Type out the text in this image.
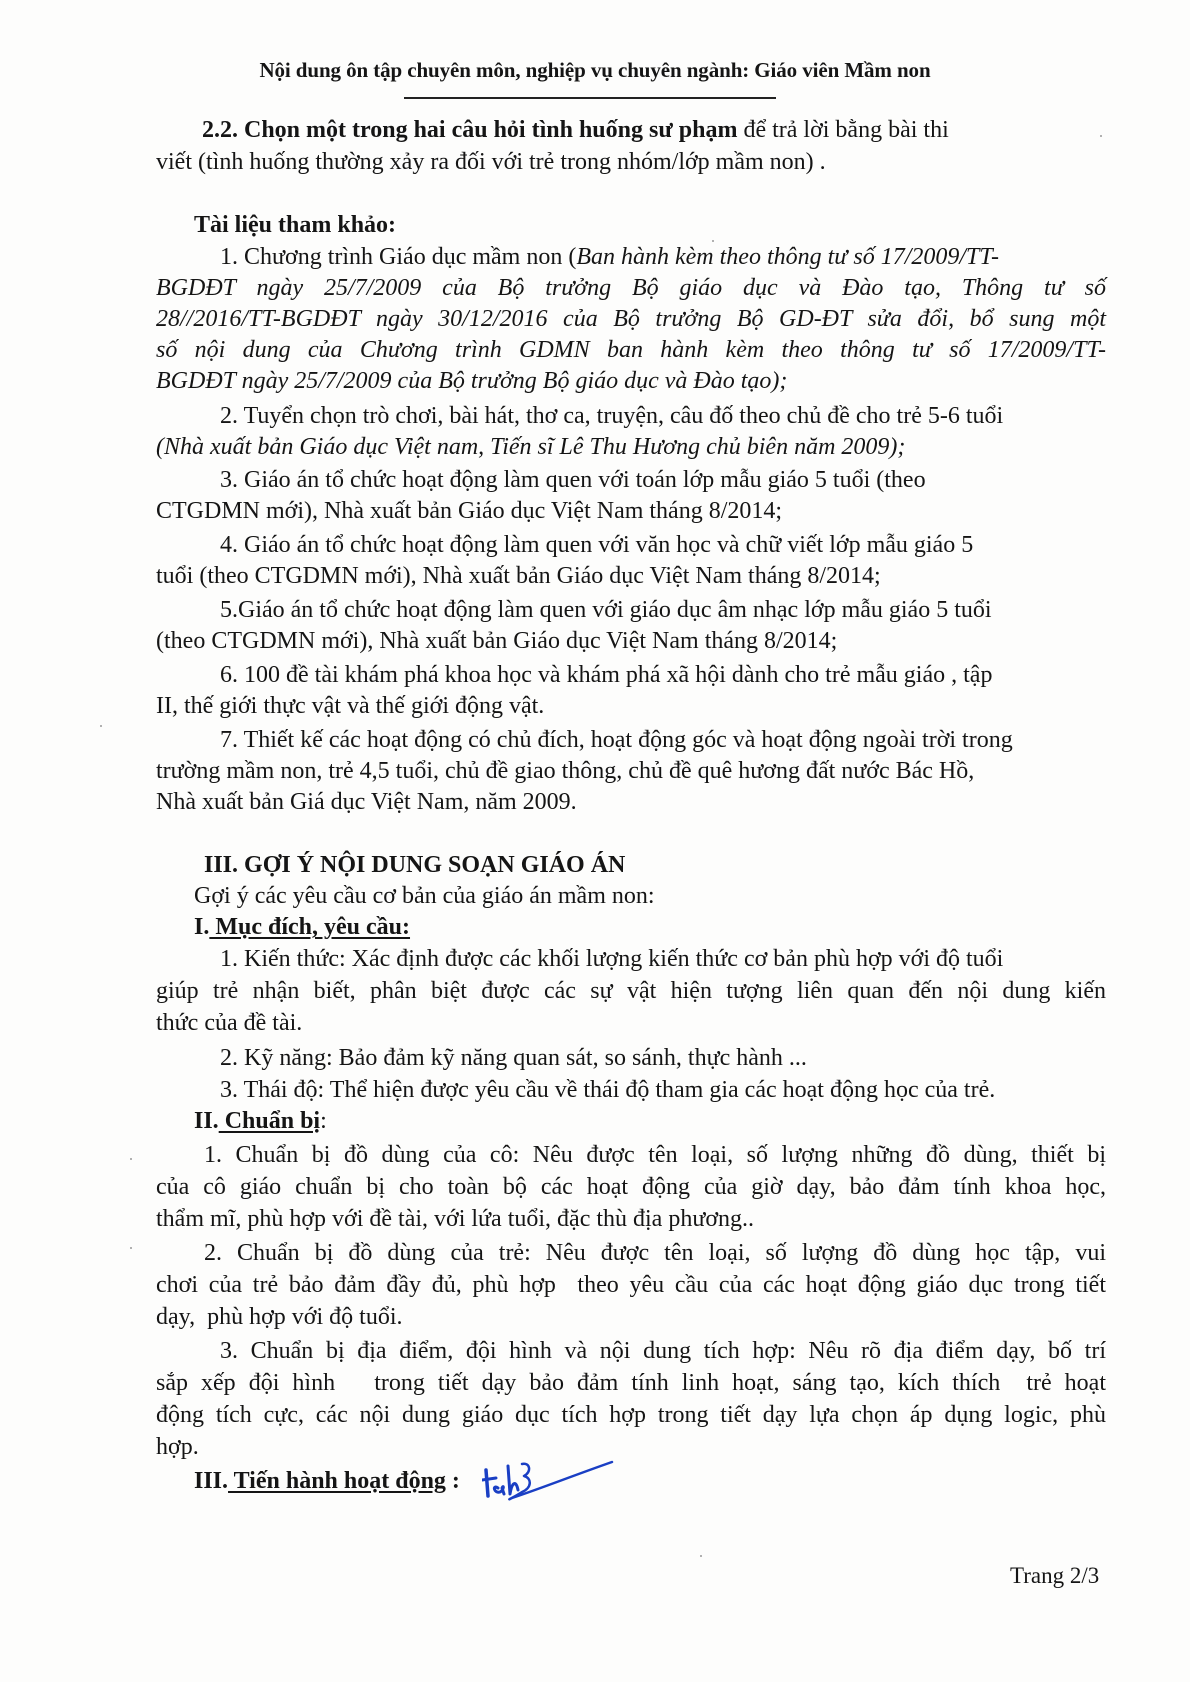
Nội dung ôn tập chuyên môn, nghiệp vụ chuyên ngành: Giáo viên Mầm non
2.2. Chọn một trong hai câu hỏi tình huống sư phạm để trả lời bằng bài thi
viết (tình huống thường xảy ra đối với trẻ trong nhóm/lớp mầm non) .
Tài liệu tham khảo:
1. Chương trình Giáo dục mầm non (Ban hành kèm theo thông tư số 17/2009/TT-
BGDĐT ngày 25/7/2009 của Bộ trưởng Bộ giáo dục và Đào tạo, Thông tư số
28//2016/TT-BGDĐT ngày 30/12/2016 của Bộ trưởng Bộ GD-ĐT sửa đổi, bổ sung một
số nội dung của Chương trình GDMN ban hành kèm theo thông tư số 17/2009/TT-
BGDĐT ngày 25/7/2009 của Bộ trưởng Bộ giáo dục và Đào tạo);
2. Tuyển chọn trò chơi, bài hát, thơ ca, truyện, câu đố theo chủ đề cho trẻ 5-6 tuổi
(Nhà xuất bản Giáo dục Việt nam, Tiến sĩ Lê Thu Hương chủ biên năm 2009);
3. Giáo án tổ chức hoạt động làm quen với toán lớp mẫu giáo 5 tuổi (theo
CTGDMN mới), Nhà xuất bản Giáo dục Việt Nam tháng 8/2014;
4. Giáo án tổ chức hoạt động làm quen với văn học và chữ viết lớp mẫu giáo 5
tuổi (theo CTGDMN mới), Nhà xuất bản Giáo dục Việt Nam tháng 8/2014;
5.Giáo án tổ chức hoạt động làm quen với giáo dục âm nhạc lớp mẫu giáo 5 tuổi
(theo CTGDMN mới), Nhà xuất bản Giáo dục Việt Nam tháng 8/2014;
6. 100 đề tài khám phá khoa học và khám phá xã hội dành cho trẻ mẫu giáo , tập
II, thế giới thực vật và thế giới động vật.
7. Thiết kế các hoạt động có chủ đích, hoạt động góc và hoạt động ngoài trời trong
trường mầm non, trẻ 4,5 tuổi, chủ đề giao thông, chủ đề quê hương đất nước Bác Hồ,
Nhà xuất bản Giá dục Việt Nam, năm 2009.
III. GỢI Ý NỘI DUNG SOẠN GIÁO ÁN
Gợi ý các yêu cầu cơ bản của giáo án mầm non:
I. Mục đích, yêu cầu:
1. Kiến thức: Xác định được các khối lượng kiến thức cơ bản phù hợp với độ tuổi
giúp trẻ nhận biết, phân biệt được các sự vật hiện tượng liên quan đến nội dung kiến
thức của đề tài.
2. Kỹ năng: Bảo đảm kỹ năng quan sát, so sánh, thực hành ...
3. Thái độ: Thể hiện được yêu cầu về thái độ tham gia các hoạt động học của trẻ.
II. Chuẩn bị:
1. Chuẩn bị đồ dùng của cô: Nêu được tên loại, số lượng những đồ dùng, thiết bị
của cô giáo chuẩn bị cho toàn bộ các hoạt động của giờ dạy, bảo đảm tính khoa học,
thẩm mĩ, phù hợp với đề tài, với lứa tuổi, đặc thù địa phương..
2. Chuẩn bị đồ dùng của trẻ: Nêu được tên loại, số lượng đồ dùng học tập, vui
chơi của trẻ bảo đảm đầy đủ, phù hợp  theo yêu cầu của các hoạt động giáo dục trong tiết
dạy,  phù hợp với độ tuổi.
3. Chuẩn bị địa điểm, đội hình và nội dung tích hợp: Nêu rõ địa điểm dạy, bố trí
sắp xếp đội hình   trong tiết dạy bảo đảm tính linh hoạt, sáng tạo, kích thích  trẻ hoạt
động tích cực, các nội dung giáo dục tích hợp trong tiết dạy lựa chọn áp dụng logic, phù
hợp.
III. Tiến hành hoạt động :
Trang 2/3
